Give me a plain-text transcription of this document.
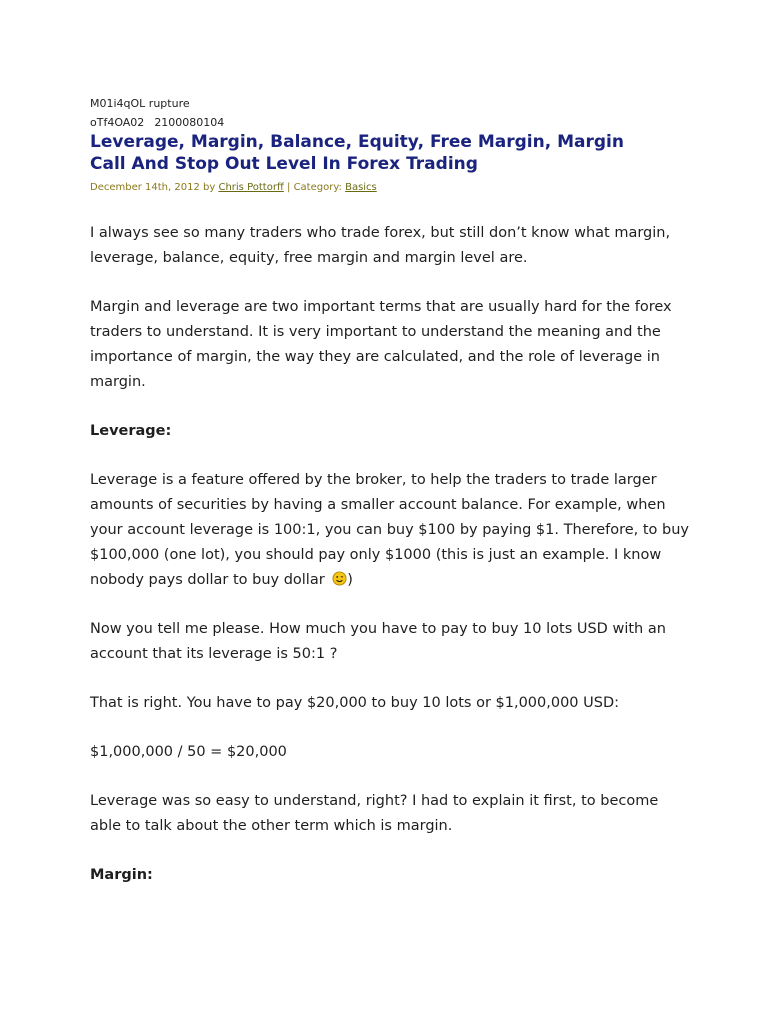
M01i4qOL rupture

oTf4OA02 2100080104

Leverage, Margin, Balance, Equity, Free Margin, Margin
Call And Stop Out Level In Forex Trading
December 14th, 2012 by Chris Pottorff | Category: Basics

I always see so many traders who trade forex, but still don’t know what margin, leverage, balance, equity, free margin and margin level are.

Margin and leverage are two important terms that are usually hard for the forex traders to understand. It is very important to understand the meaning and the importance of margin, the way they are calculated, and the role of leverage in margin.

Leverage:

Leverage is a feature offered by the broker, to help the traders to trade larger amounts of securities by having a smaller account balance. For example, when your account leverage is 100:1, you can buy $100 by paying $1. Therefore, to buy $100,000 (one lot), you should pay only $1000 (this is just an example. I know nobody pays dollar to buy dollar )

Now you tell me please. How much you have to pay to buy 10 lots USD with an account that its leverage is 50:1 ?

That is right. You have to pay $20,000 to buy 10 lots or $1,000,000 USD:

$1,000,000 / 50 = $20,000

Leverage was so easy to understand, right? I had to explain it first, to become able to talk about the other term which is margin.

Margin:
